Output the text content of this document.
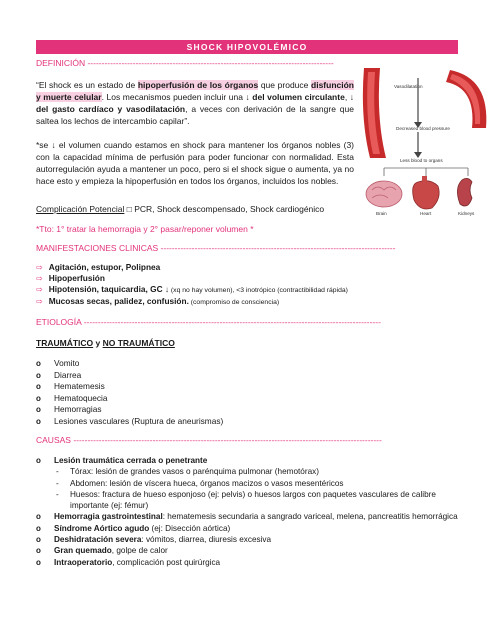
SHOCK HIPOVOLÉMICO
DEFINICIÓN ---------------------------------------------------------------------------------------
“El shock es un estado de hipoperfusión de los órganos que produce disfunción y muerte celular. Los mecanismos pueden incluir una ↓ del volumen circulante, ↓ del gasto cardíaco y vasodilatación, a veces con derivación de la sangre que saltea los lechos de intercambio capilar”.
*se ↓ el volumen cuando estamos en shock para mantener los órganos nobles (3) con la capacidad mínima de perfusión para poder funcionar con normalidad. Esta autorregulación ayuda a mantener un poco, pero si el shock sigue o aumenta, ya no hace esto y empieza la hipoperfusión en todos los órganos, incluidos los nobles.
Complicación Potencial □ PCR, Shock descompensado, Shock cardiogénico
*Tto: 1° tratar la hemorragia y 2° pasar/reponer volumen *
Vasodilatation
Decreased blood pressure
Less blood to organs
Brain	Heart	Kidneys
MANIFESTACIONES CLINICAS -----------------------------------------------------------------------------------
⇨ Agitación, estupor, Polipnea
⇨ Hipoperfusión
⇨ Hipotensión, taquicardia, GC ↓ (xq no hay volumen), <3 inotrópico (contractibilidad rápida)
⇨ Mucosas secas, palidez, confusión. (compromiso de consciencia)
ETIOLOGÍA ---------------------------------------------------------------------------------------------------------
TRAUMÁTICO y NO TRAUMÁTICO
o	Vomito
o	Diarrea
o	Hematemesis
o	Hematoquecia
o	Hemorragias
o	Lesiones vasculares (Ruptura de aneurismas)
CAUSAS -------------------------------------------------------------------------------------------------------------
o	Lesión traumática cerrada o penetrante
-	Tórax: lesión de grandes vasos o parénquima pulmonar (hemotórax)
-	Abdomen: lesión de víscera hueca, órganos macizos o vasos mesentéricos
-	Huesos: fractura de hueso esponjoso (ej: pelvis) o huesos largos con paquetes vasculares de calibre importante (ej: fémur)
o	Hemorragia gastrointestinal: hematemesis secundaria a sangrado variceal, melena, pancreatitis hemorrágica
o	Síndrome Aórtico agudo (ej: Disección aórtica)
o	Deshidratación severa: vómitos, diarrea, diuresis excesiva
o	Gran quemado, golpe de calor
o	Intraoperatorio, complicación post quirúrgica
